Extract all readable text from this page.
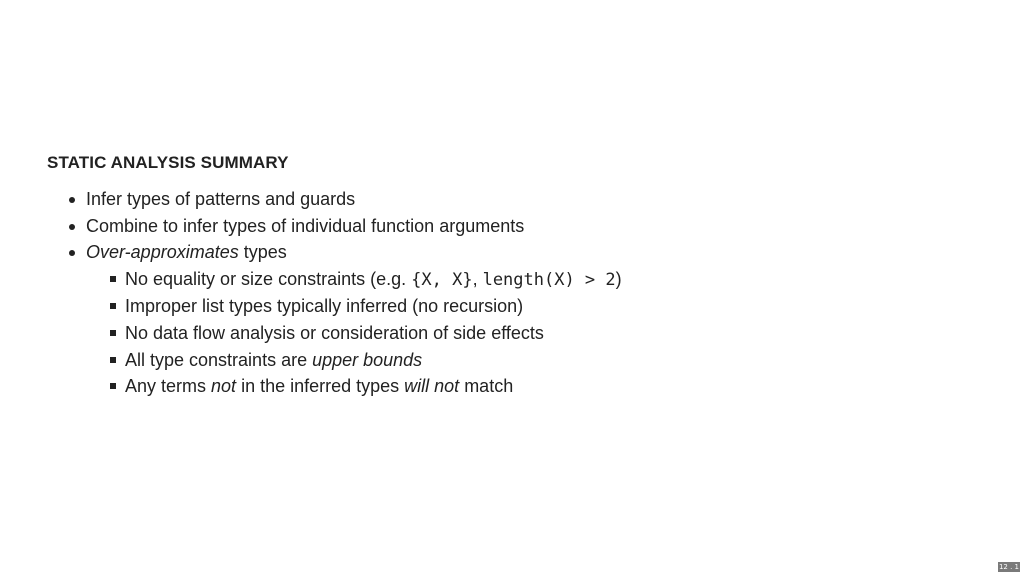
STATIC ANALYSIS SUMMARY
Infer types of patterns and guards
Combine to infer types of individual function arguments
Over-approximates types
No equality or size constraints (e.g. {X, X}, length(X) > 2)
Improper list types typically inferred (no recursion)
No data flow analysis or consideration of side effects
All type constraints are upper bounds
Any terms not in the inferred types will not match
12 . 1
